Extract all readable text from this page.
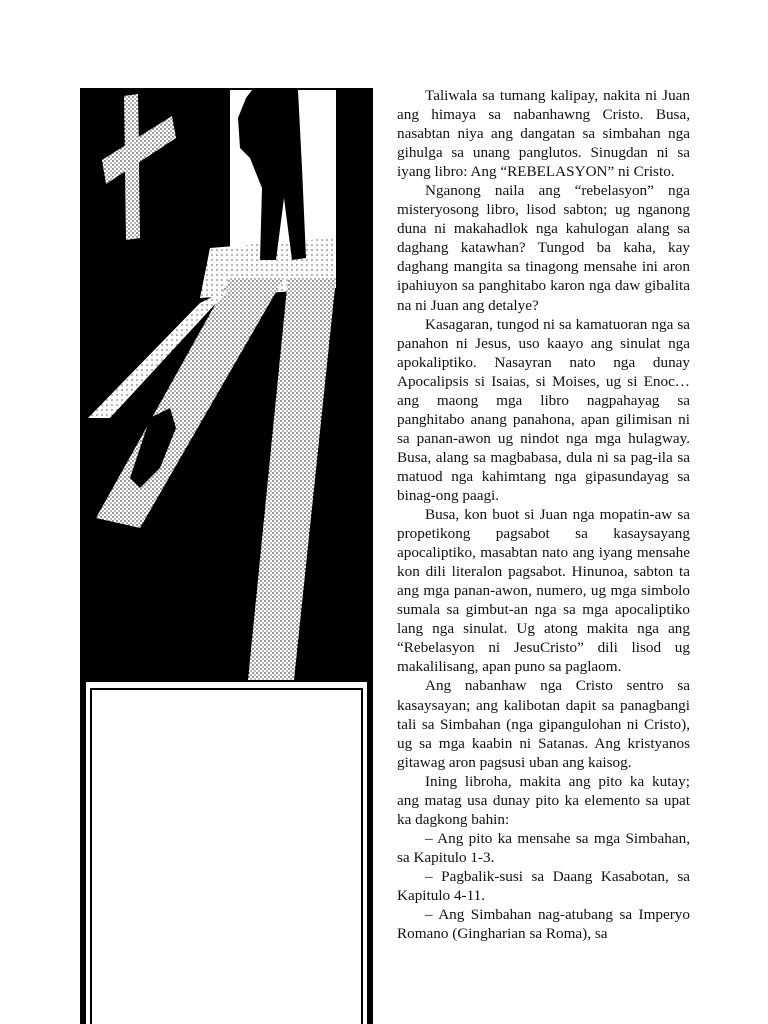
Taliwala sa tumang kalipay, nakita ni Juan ang himaya sa nabanhawng Cristo. Busa, nasabtan niya ang dangatan sa simbahan nga gihulga sa unang panglutos. Sinugdan ni sa iyang libro: Ang “REBELASYON” ni Cristo.

Nganong naila ang “rebelasyon” nga misteryosong libro, lisod sabton; ug nganong duna ni makahadlok nga kahulogan alang sa daghang katawhan? Tungod ba kaha, kay daghang mangita sa tinagong mensahe ini aron ipahiuyon sa panghitabo karon nga daw gibalita na ni Juan ang detalye?

Kasagaran, tungod ni sa kamatuoran nga sa panahon ni Jesus, uso kaayo ang sinulat nga apokaliptiko. Nasayran nato nga dunay Apocalipsis si Isaias, si Moises, ug si Enoc… ang maong mga libro nagpahayag sa panghitabo anang panahona, apan gilimisan ni sa panan-awon ug nindot nga mga hulagway. Busa, alang sa magbabasa, dula ni sa pag-ila sa matuod nga kahimtang nga gipasundayag sa binag-ong paagi.

Busa, kon buot si Juan nga mopatin-aw sa propetikong pagsabot sa kasaysayang apocaliptiko, masabtan nato ang iyang mensahe kon dili literalon pagsabot. Hinunoa, sabton ta ang mga panan-awon, numero, ug mga simbolo sumala sa gimbut-an nga sa mga apocaliptiko lang nga sinulat. Ug atong makita nga ang “Rebelasyon ni JesuCristo” dili lisod ug makalilisang, apan puno sa paglaom.

Ang nabanhaw nga Cristo sentro sa kasaysayan; ang kalibotan dapit sa panagbangi tali sa Simbahan (nga gipangulohan ni Cristo), ug sa mga kaabin ni Satanas. Ang kristyanos gitawag aron pagsusi uban ang kaisog.

Ining libroha, makita ang pito ka kutay; ang matag usa dunay pito ka elemento sa upat ka dagkong bahin:

– Ang pito ka mensahe sa mga Simbahan, sa Kapitulo 1-3.

– Pagbalik-susi sa Daang Kasabotan, sa Kapitulo 4-11.

– Ang Simbahan nag-atubang sa Imperyo Romano (Gingharian sa Roma), sa
